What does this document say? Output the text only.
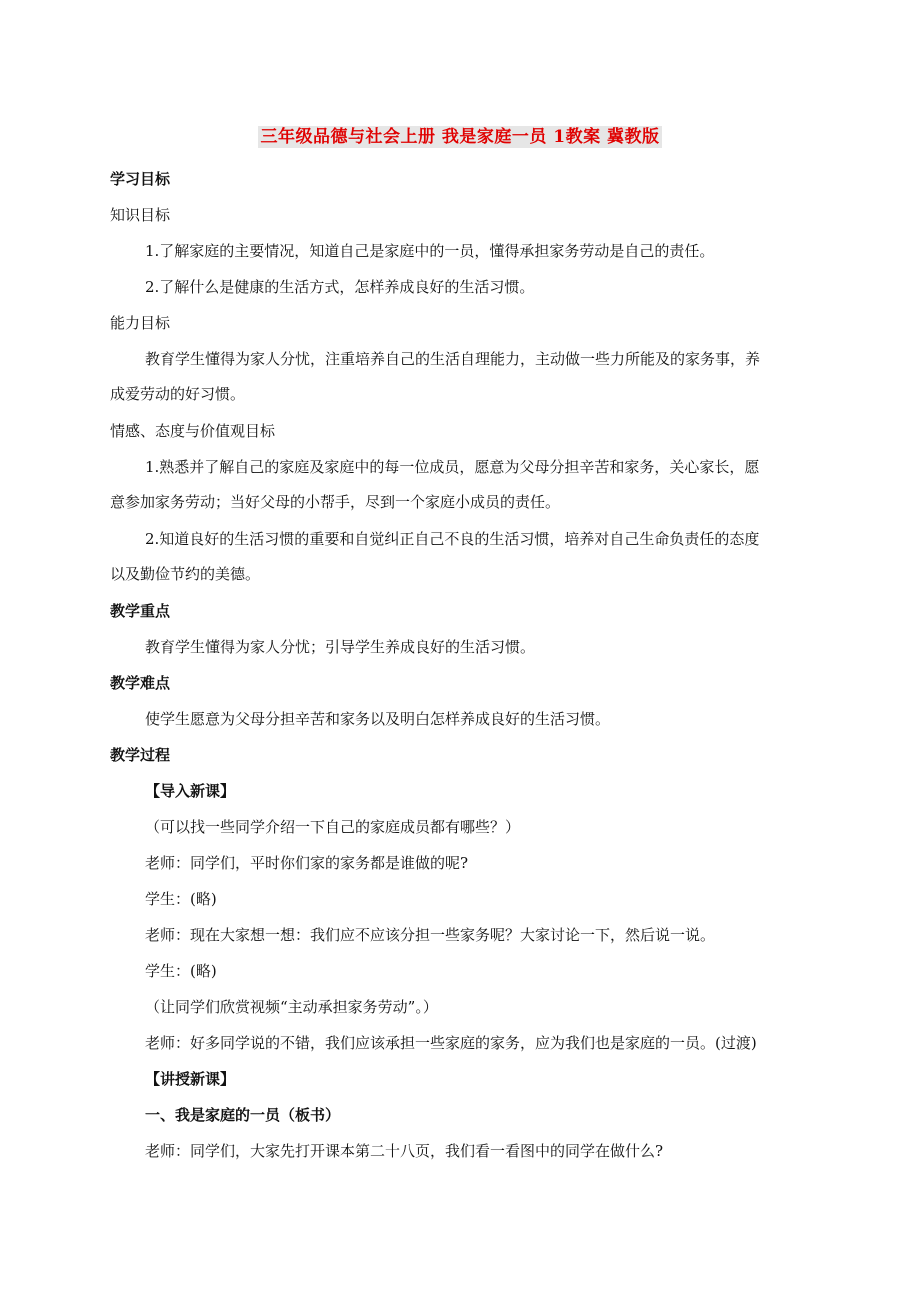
三年级品德与社会上册 我是家庭一员 1教案 冀教版
学习目标
知识目标
1.了解家庭的主要情况，知道自己是家庭中的一员，懂得承担家务劳动是自己的责任。
2.了解什么是健康的生活方式，怎样养成良好的生活习惯。
能力目标
教育学生懂得为家人分忧，注重培养自己的生活自理能力，主动做一些力所能及的家务事，养
成爱劳动的好习惯。
情感、态度与价值观目标
1.熟悉并了解自己的家庭及家庭中的每一位成员，愿意为父母分担辛苦和家务，关心家长，愿
意参加家务劳动；当好父母的小帮手，尽到一个家庭小成员的责任。
2.知道良好的生活习惯的重要和自觉纠正自己不良的生活习惯，培养对自己生命负责任的态度
以及勤俭节约的美德。
教学重点
教育学生懂得为家人分忧；引导学生养成良好的生活习惯。
教学难点
使学生愿意为父母分担辛苦和家务以及明白怎样养成良好的生活习惯。
教学过程
【导入新课】
（可以找一些同学介绍一下自己的家庭成员都有哪些？）
老师：同学们，平时你们家的家务都是谁做的呢?
学生：(略)
老师：现在大家想一想：我们应不应该分担一些家务呢？大家讨论一下，然后说一说。
学生：(略)
（让同学们欣赏视频“主动承担家务劳动”。）
老师：好多同学说的不错，我们应该承担一些家庭的家务，应为我们也是家庭的一员。(过渡)
【讲授新课】
一、我是家庭的一员（板书）
老师：同学们，大家先打开课本第二十八页，我们看一看图中的同学在做什么?
